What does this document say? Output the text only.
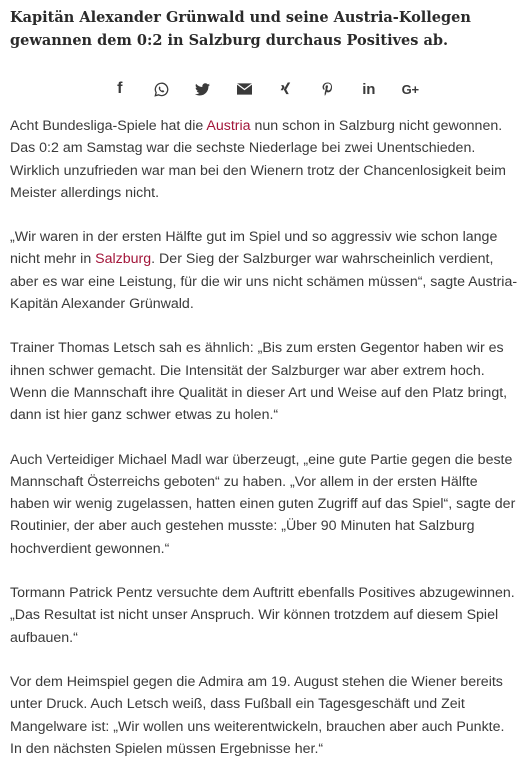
Kapitän Alexander Grünwald und seine Austria-Kollegen gewannen dem 0:2 in Salzburg durchaus Positives ab.
f	in G+

Acht Bundesliga-Spiele hat die Austria nun schon in Salzburg nicht gewonnen. Das 0:2 am Samstag war die sechste Niederlage bei zwei Unentschieden. Wirklich unzufrieden war man bei den Wienern trotz der Chancenlosigkeit beim Meister allerdings nicht.

„Wir waren in der ersten Hälfte gut im Spiel und so aggressiv wie schon lange nicht mehr in Salzburg. Der Sieg der Salzburger war wahrscheinlich verdient, aber es war eine Leistung, für die wir uns nicht schämen müssen“, sagte Austria-Kapitän Alexander Grünwald.

Trainer Thomas Letsch sah es ähnlich: „Bis zum ersten Gegentor haben wir es ihnen schwer gemacht. Die Intensität der Salzburger war aber extrem hoch. Wenn die Mannschaft ihre Qualität in dieser Art und Weise auf den Platz bringt, dann ist hier ganz schwer etwas zu holen.“

Auch Verteidiger Michael Madl war überzeugt, „eine gute Partie gegen die beste Mannschaft Österreichs geboten“ zu haben. „Vor allem in der ersten Hälfte haben wir wenig zugelassen, hatten einen guten Zugriff auf das Spiel“, sagte der Routinier, der aber auch gestehen musste: „Über 90 Minuten hat Salzburg hochverdient gewonnen.“

Tormann Patrick Pentz versuchte dem Auftritt ebenfalls Positives abzugewinnen. „Das Resultat ist nicht unser Anspruch. Wir können trotzdem auf diesem Spiel aufbauen.“

Vor dem Heimspiel gegen die Admira am 19. August stehen die Wiener bereits unter Druck. Auch Letsch weiß, dass Fußball ein Tagesgeschäft und Zeit Mangelware ist: „Wir wollen uns weiterentwickeln, brauchen aber auch Punkte. In den nächsten Spielen müssen Ergebnisse her.“
